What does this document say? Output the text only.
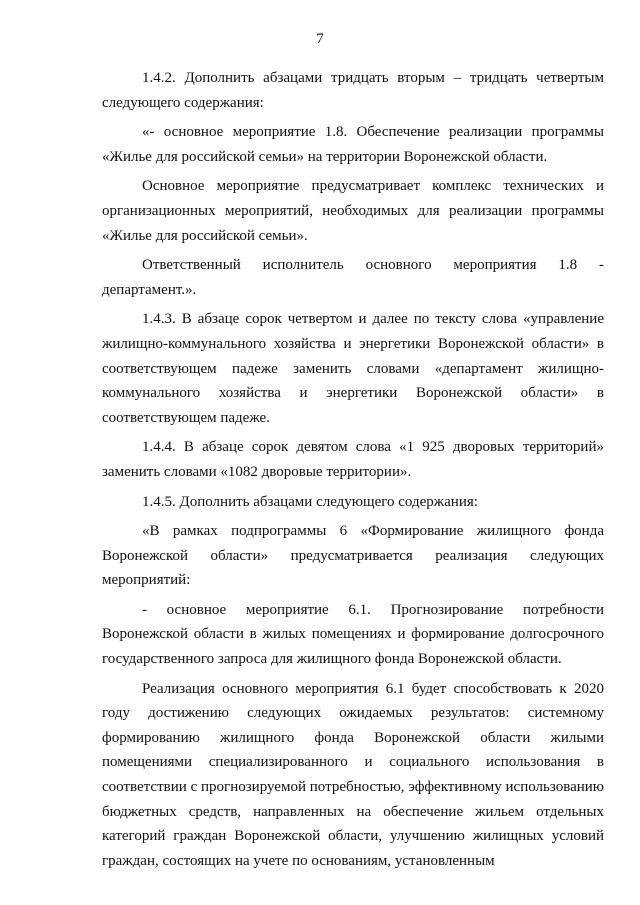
7

1.4.2. Дополнить абзацами тридцать вторым – тридцать четвертым следующего содержания:

«- основное мероприятие 1.8. Обеспечение реализации программы «Жилье для российской семьи» на территории Воронежской области.

Основное мероприятие предусматривает комплекс технических и организационных мероприятий, необходимых для реализации программы «Жилье для российской семьи».

Ответственный исполнитель основного мероприятия 1.8 - департамент.».

1.4.3. В абзаце сорок четвертом и далее по тексту слова «управление жилищно-коммунального хозяйства и энергетики Воронежской области» в соответствующем падеже заменить словами «департамент жилищно-коммунального хозяйства и энергетики Воронежской области» в соответствующем падеже.

1.4.4. В абзаце сорок девятом слова «1 925 дворовых территорий» заменить словами «1082 дворовые территории».

1.4.5. Дополнить абзацами следующего содержания:

«В рамках подпрограммы 6 «Формирование жилищного фонда Воронежской области» предусматривается реализация следующих мероприятий:

- основное мероприятие 6.1. Прогнозирование потребности Воронежской области в жилых помещениях и формирование долгосрочного государственного запроса для жилищного фонда Воронежской области.

Реализация основного мероприятия 6.1 будет способствовать к 2020 году достижению следующих ожидаемых результатов: системному формированию жилищного фонда Воронежской области жилыми помещениями специализированного и социального использования в соответствии с прогнозируемой потребностью, эффективному использованию бюджетных средств, направленных на обеспечение жильем отдельных категорий граждан Воронежской области, улучшению жилищных условий граждан, состоящих на учете по основаниям, установленным
